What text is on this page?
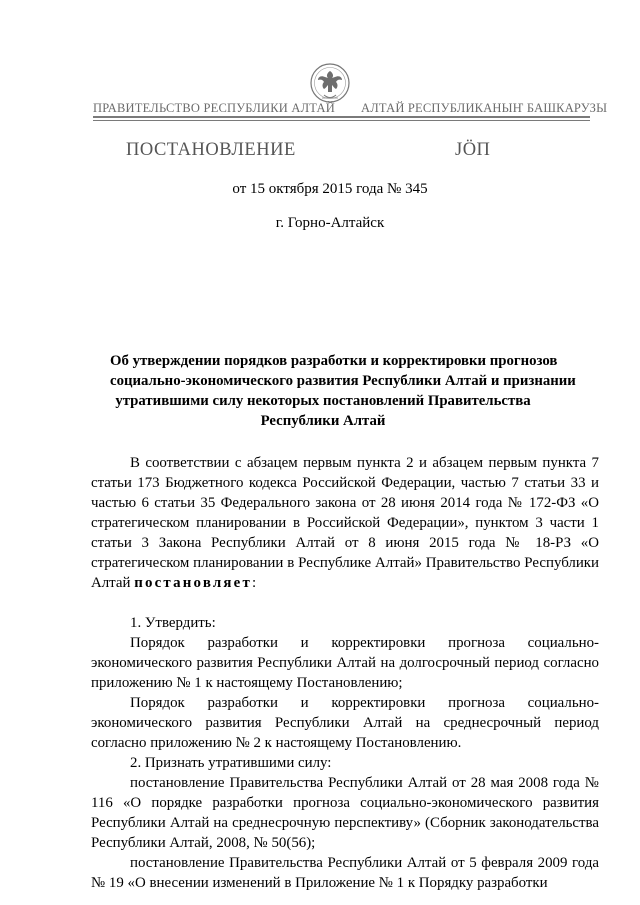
ПРАВИТЕЛЬСТВО РЕСПУБЛИКИ АЛТАЙ АЛТАЙ РЕСПУБЛИКАНЫҤ БАШКАРУЗЫ
ПОСТАНОВЛЕНИЕ	JÖП
от 15 октября 2015 года № 345
г. Горно-Алтайск
Об утверждении порядков разработки и корректировки прогнозов
социально-экономического развития Республики Алтай и признании
утратившими силу некоторых постановлений Правительства
Республики Алтай
В соответствии с абзацем первым пункта 2 и абзацем первым пункта 7 статьи 173 Бюджетного кодекса Российской Федерации, частью 7 статьи 33 и частью 6 статьи 35 Федерального закона от 28 июня 2014 года № 172-ФЗ «О стратегическом планировании в Российской Федерации», пунктом 3 части 1 статьи 3 Закона Республики Алтай от 8 июня 2015 года № 18-РЗ «О стратегическом планировании в Республике Алтай» Правительство Республики Алтай постановляет:
1. Утвердить:
Порядок разработки и корректировки прогноза социально-экономического развития Республики Алтай на долгосрочный период согласно приложению № 1 к настоящему Постановлению;
Порядок разработки и корректировки прогноза социально-экономического развития Республики Алтай на среднесрочный период согласно приложению № 2 к настоящему Постановлению.
2. Признать утратившими силу:
постановление Правительства Республики Алтай от 28 мая 2008 года № 116 «О порядке разработки прогноза социально-экономического развития Республики Алтай на среднесрочную перспективу» (Сборник законодательства Республики Алтай, 2008, № 50(56);
постановление Правительства Республики Алтай от 5 февраля 2009 года № 19 «О внесении изменений в Приложение № 1 к Порядку разработки
